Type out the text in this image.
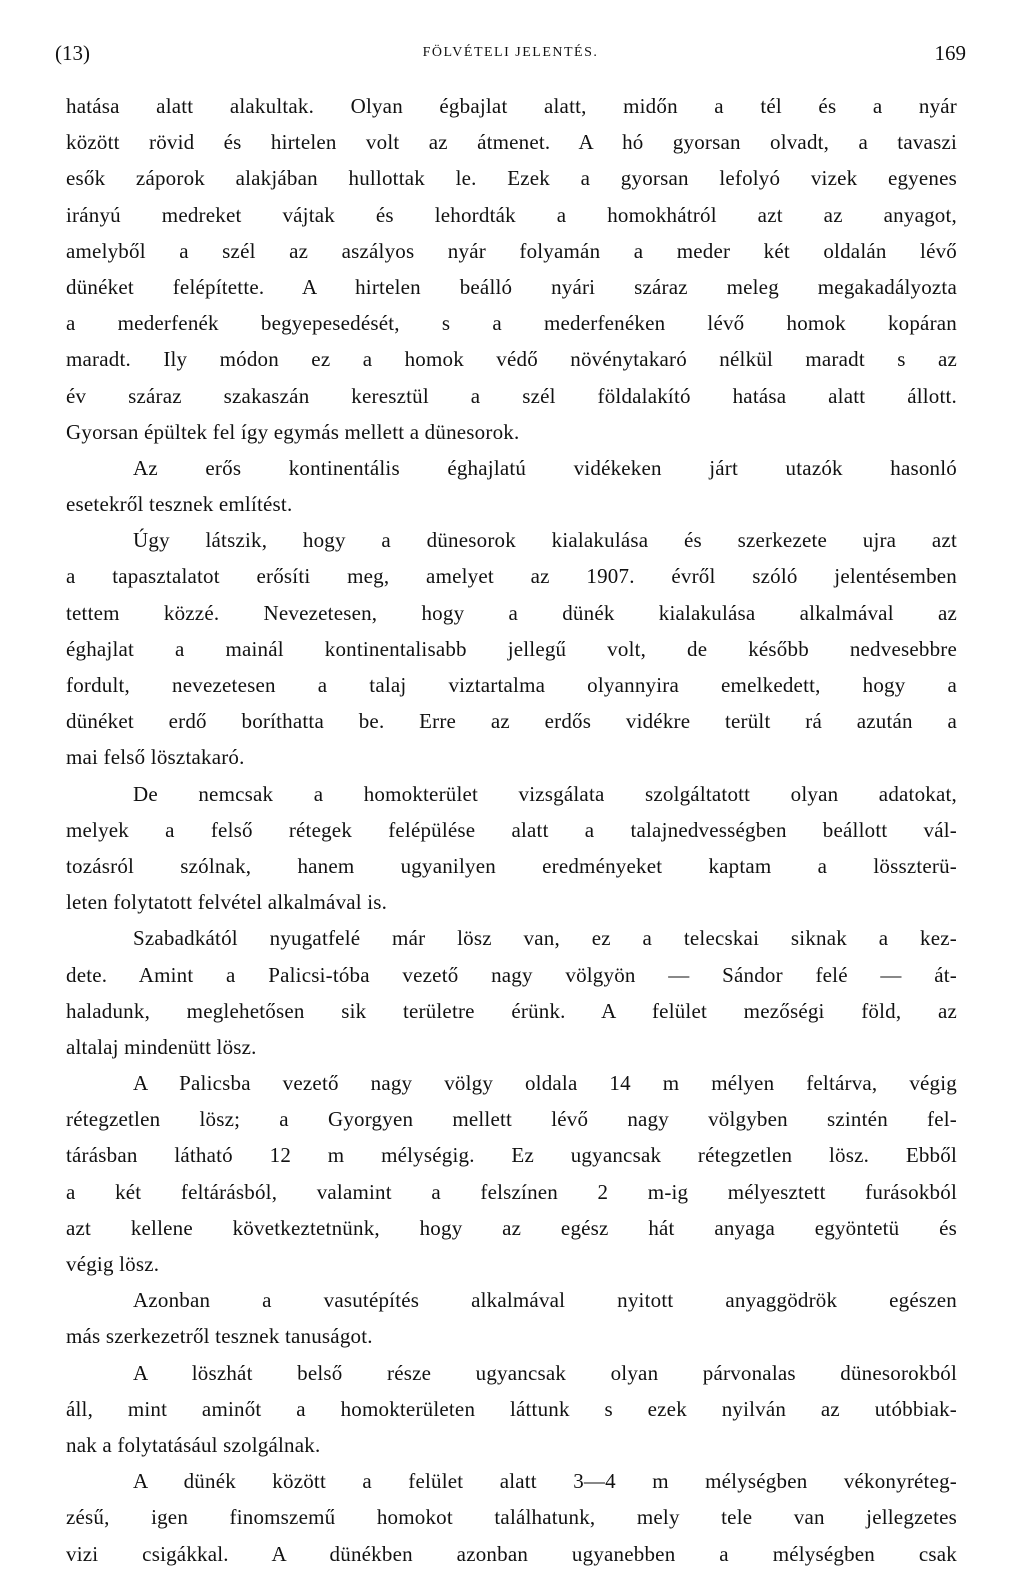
(13)	FÖLVÉTELI JELENTÉS.	169
hatása alatt alakultak. Olyan égbajlat alatt, midőn a tél és a nyár
között rövid és hirtelen volt az átmenet. A hó gyorsan olvadt, a tavaszi
esők záporok alakjában hullottak le. Ezek a gyorsan lefolyó vizek egyenes
irányú medreket vájtak és lehordták a homokhátról azt az anyagot,
amelyből a szél az aszályos nyár folyamán a meder két oldalán lévő
dünéket felépítette. A hirtelen beálló nyári száraz meleg megakadályozta
a mederfenék begyepesedését, s a mederfenéken lévő homok kopáran
maradt. Ily módon ez a homok védő növénytakaró nélkül maradt s az
év száraz szakaszán keresztül a szél földalakító hatása alatt állott.
Gyorsan épültek fel így egymás mellett a dünesorok.
Az erős kontinentális éghajlatú vidékeken járt utazók hasonló
esetekről tesznek említést.
Úgy látszik, hogy a dünesorok kialakulása és szerkezete ujra azt
a tapasztalatot erősíti meg, amelyet az 1907. évről szóló jelentésemben
tettem közzé. Nevezetesen, hogy a dünék kialakulása alkalmával az
éghajlat a mainál kontinentalisabb jellegű volt, de később nedvesebbre
fordult, nevezetesen a talaj viztartalma olyannyira emelkedett, hogy a
dünéket erdő boríthatta be. Erre az erdős vidékre terült rá azután a
mai felső lösztakaró.
De nemcsak a homokterület vizsgálata szolgáltatott olyan adatokat,
melyek a felső rétegek felépülése alatt a talajnedvességben beállott vál-
tozásról szólnak, hanem ugyanilyen eredményeket kaptam a lösszterü-
leten folytatott felvétel alkalmával is.
Szabadkától nyugatfelé már lösz van, ez a telecskai siknak a kez-
dete. Amint a Palicsi-tóba vezető nagy völgyön — Sándor felé — át-
haladunk, meglehetősen sik területre érünk. A felület mezőségi föld, az
altalaj mindenütt lösz.
A Palicsba vezető nagy völgy oldala 14 m mélyen feltárva, végig
rétegzetlen lösz; a Gyorgyen mellett lévő nagy völgyben szintén fel-
tárásban látható 12 m mélységig. Ez ugyancsak rétegzetlen lösz. Ebből
a két feltárásból, valamint a felszínen 2 m-ig mélyesztett furásokból
azt kellene következtetnünk, hogy az egész hát anyaga egyöntetü és
végig lösz.
Azonban a vasutépítés alkalmával nyitott anyaggödrök egészen
más szerkezetről tesznek tanuságot.
A löszhát belső része ugyancsak olyan párvonalas dünesorokból
áll, mint aminőt a homokterületen láttunk s ezek nyilván az utóbbiak-
nak a folytatásául szolgálnak.
A dünék között a felület alatt 3—4 m mélységben vékonyréteg-
zésű, igen finomszemű homokot találhatunk, mely tele van jellegzetes
vizi csigákkal. A dünékben azonban ugyanebben a mélységben csak
